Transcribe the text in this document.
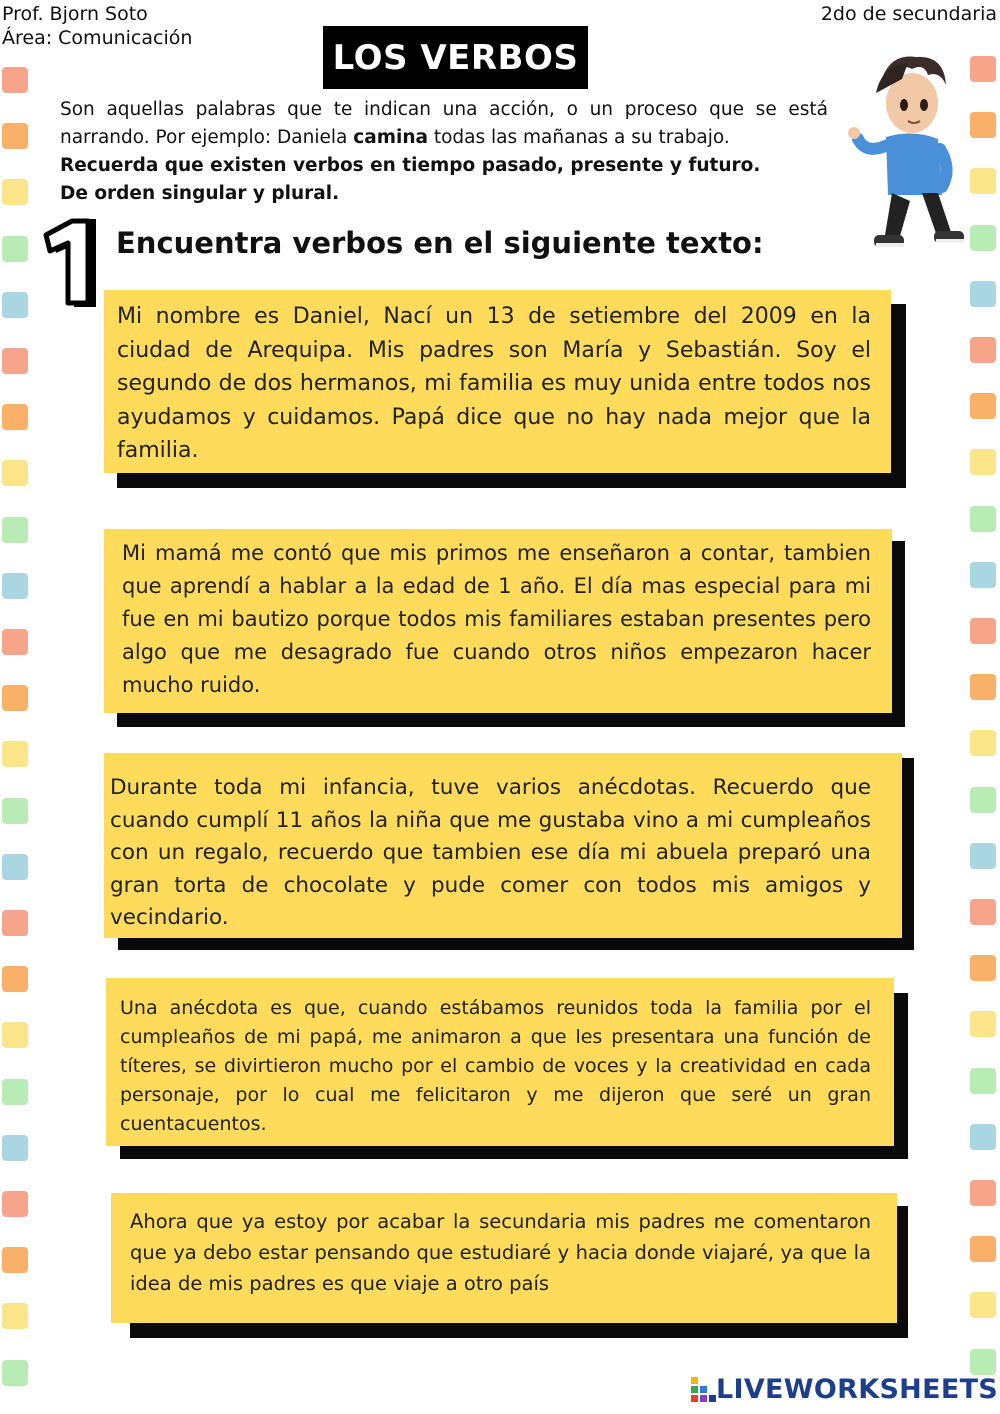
Prof. Bjorn Soto
Área: Comunicación
2do de secundaria
LOS VERBOS
Son aquellas palabras que te indican una acción, o un proceso que se está narrando. Por ejemplo: Daniela camina todas las mañanas a su trabajo.
Recuerda que existen verbos en tiempo pasado, presente y futuro.
De orden singular y plural.
1
Encuentra verbos en el siguiente texto:
Mi nombre es Daniel, Nací un 13 de setiembre del 2009 en la ciudad de Arequipa. Mis padres son María y Sebastián. Soy el segundo de dos hermanos, mi familia es muy unida entre todos nos ayudamos y cuidamos. Papá dice que no hay nada mejor que la familia.
Mi mamá me contó que mis primos me enseñaron a contar, tambien que aprendí a hablar a la edad de 1 año. El día mas especial para mi fue en mi bautizo porque todos mis familiares estaban presentes pero algo que me desagrado fue cuando otros niños empezaron hacer mucho ruido.
Durante toda mi infancia, tuve varios anécdotas. Recuerdo que cuando cumplí 11 años la niña que me gustaba vino a mi cumpleaños con un regalo, recuerdo que tambien ese día mi abuela preparó una gran torta de chocolate y pude comer con todos mis amigos y vecindario.
Una anécdota es que, cuando estábamos reunidos toda la familia por el cumpleaños de mi papá, me animaron a que les presentara una función de títeres, se divirtieron mucho por el cambio de voces y la creatividad en cada personaje, por lo cual me felicitaron y me dijeron que seré un gran cuentacuentos.
Ahora que ya estoy por acabar la secundaria mis padres me comentaron que ya debo estar pensando que estudiaré y hacia donde viajaré, ya que la idea de mis padres es que viaje a otro país
LIVEWORKSHEETS
